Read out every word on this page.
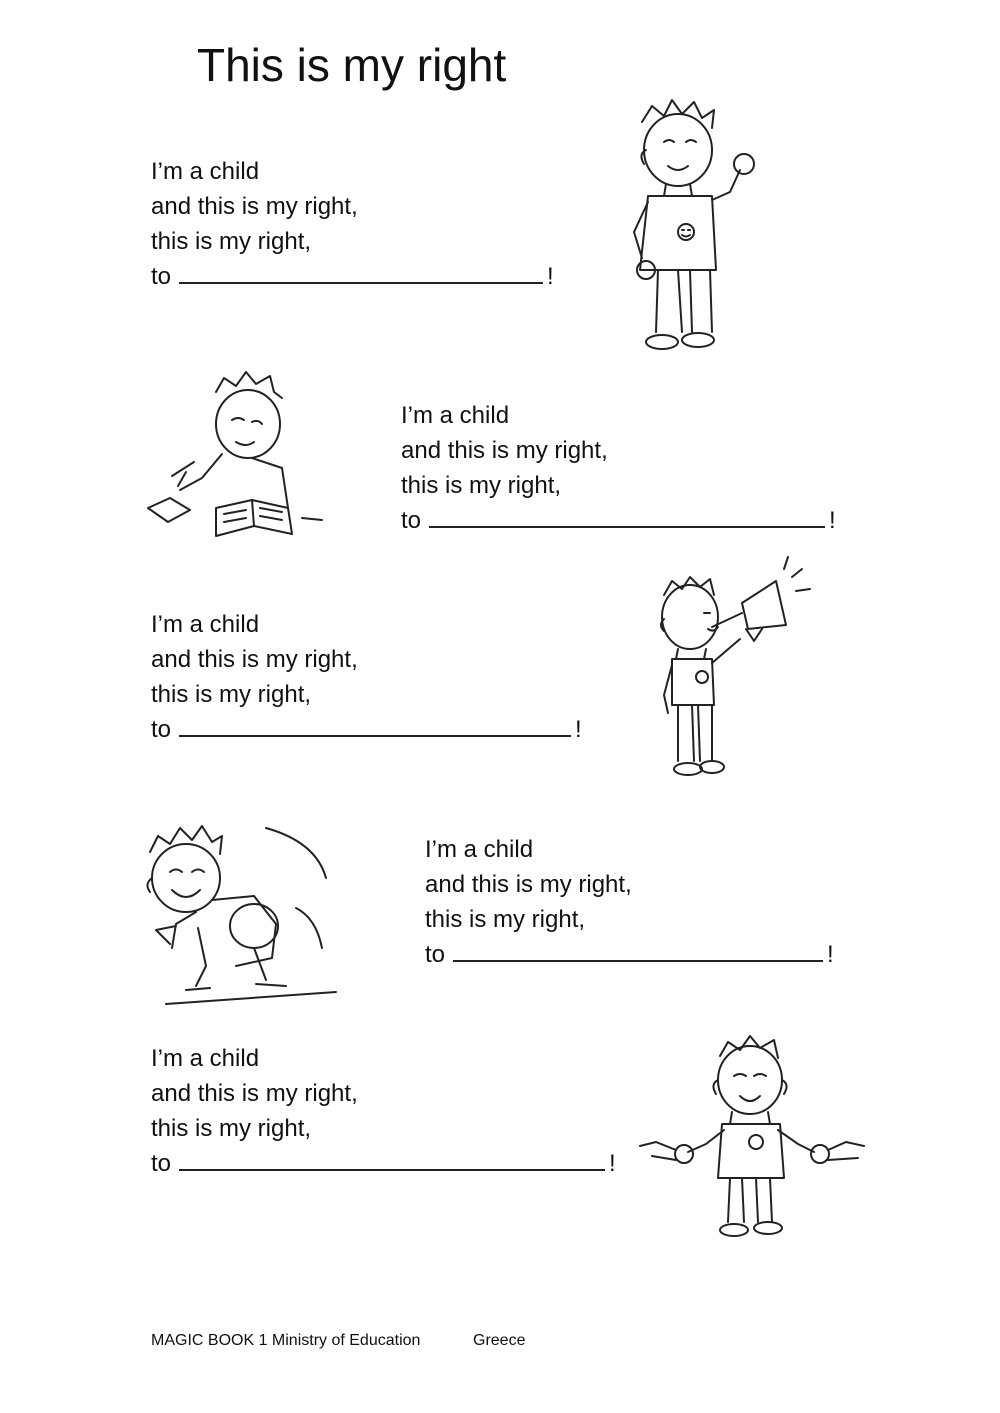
This is my right
I’m a child
and this is my right,
this is my right,
to	!
I’m a child
and this is my right,
this is my right,
to	!
I’m a child
and this is my right,
this is my right,
to	!
I’m a child
and this is my right,
this is my right,
to	!
I’m a child
and this is my right,
this is my right,
to	!
MAGIC BOOK 1 Ministry of Education	Greece
